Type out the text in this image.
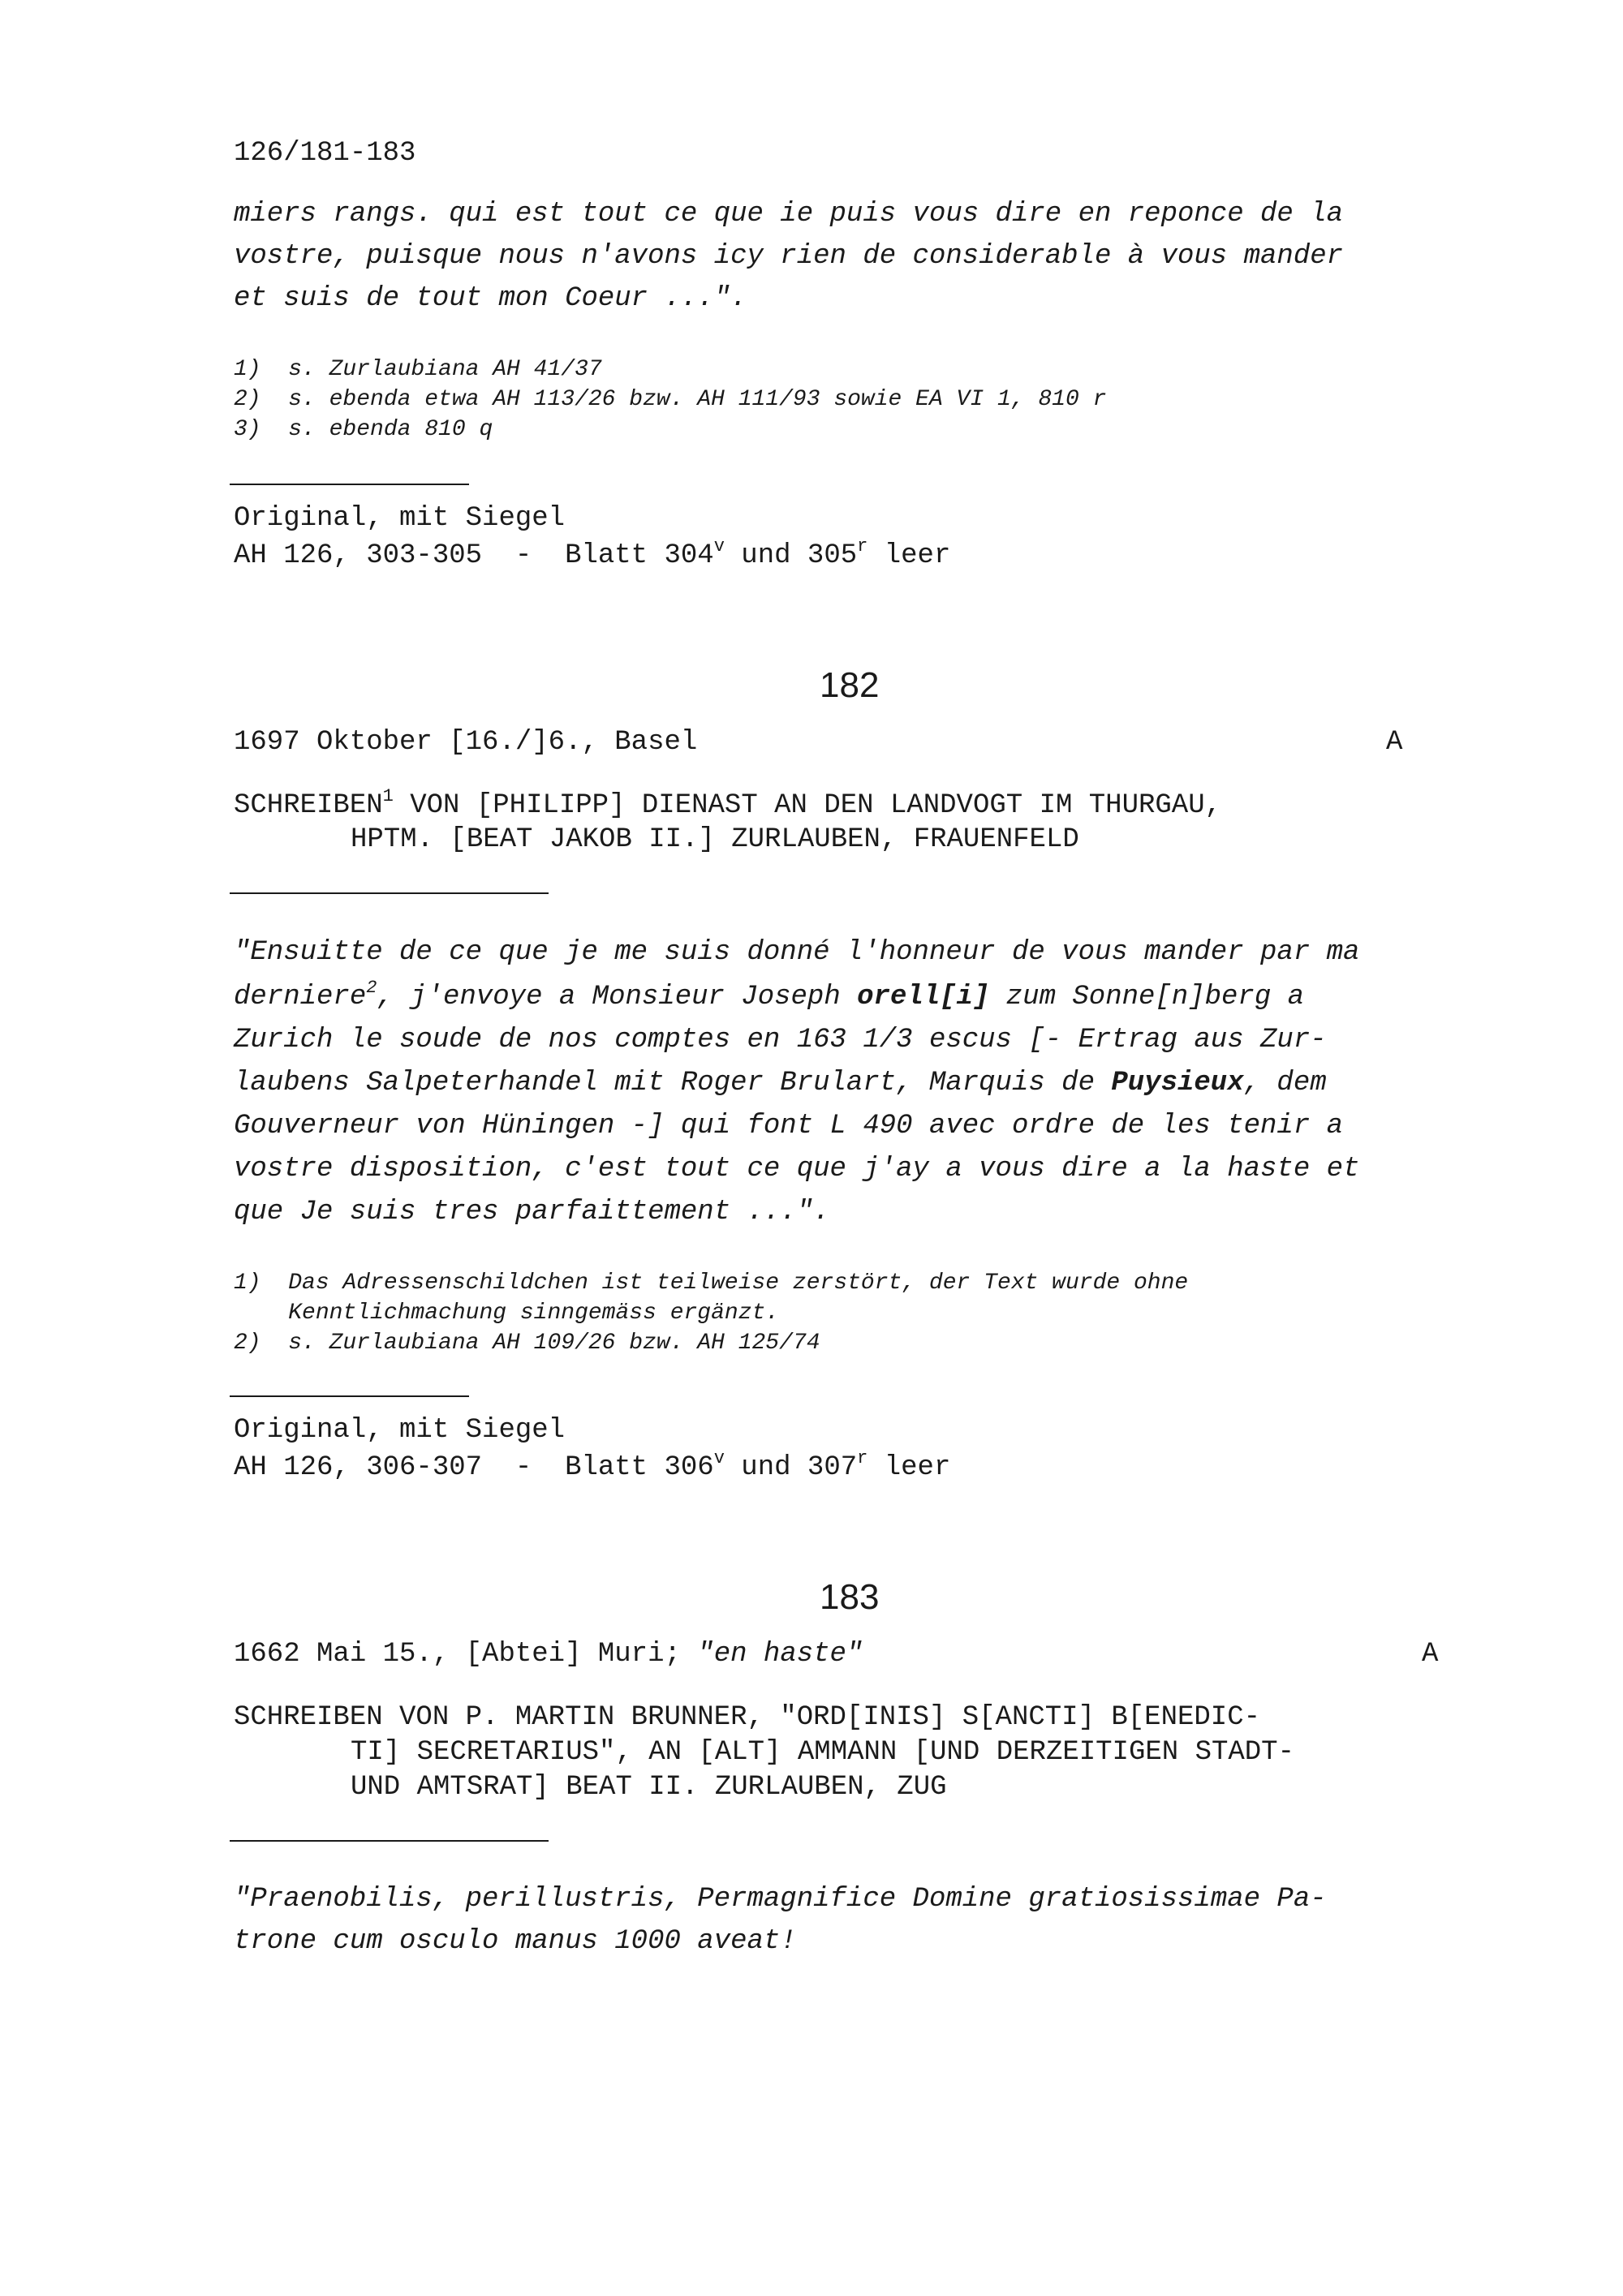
126/181-183
miers rangs. qui est tout ce que ie puis vous dire en reponce de la
vostre, puisque nous n'avons icy rien de considerable à vous mander
et suis de tout mon Coeur ...".
1)  s. Zurlaubiana AH 41/37
2)  s. ebenda etwa AH 113/26 bzw. AH 111/93 sowie EA VI 1, 810 r
3)  s. ebenda 810 q
Original, mit Siegel
AH 126, 303-305  -  Blatt 304$^v$ und 305$^r$ leer
182
1697 Oktober [16./]6., Basel	A
SCHREIBEN$^1$ VON [PHILIPP] DIENAST AN DEN LANDVOGT IM THURGAU,
HPTM. [BEAT JAKOB II.] ZURLAUBEN, FRAUENFELD
"Ensuitte de ce que je me suis donné l'honneur de vous mander par ma
derniere$^2$, j'envoye a Monsieur Joseph orell[i] zum Sonne[n]berg a
Zurich le soude de nos comptes en 163 1/3 escus [- Ertrag aus Zur-
laubens Salpeterhandel mit Roger Brulart, Marquis de Puysieux, dem
Gouverneur von Hüningen -] qui font L 490 avec ordre de les tenir a
vostre disposition, c'est tout ce que j'ay a vous dire a la haste et
que Je suis tres parfaittement ...".
1)  Das Adressenschildchen ist teilweise zerstört, der Text wurde ohne
Kenntlichmachung sinngemäss ergänzt.
2)  s. Zurlaubiana AH 109/26 bzw. AH 125/74
Original, mit Siegel
AH 126, 306-307  -  Blatt 306$^v$ und 307$^r$ leer
183
1662 Mai 15., [Abtei] Muri; "en haste"	A
SCHREIBEN VON P. MARTIN BRUNNER, "ORD[INIS] S[ANCTI] B[ENEDIC-
TI] SECRETARIUS", AN [ALT] AMMANN [UND DERZEITIGEN STADT-
UND AMTSRAT] BEAT II. ZURLAUBEN, ZUG
"Praenobilis, perillustris, Permagnifice Domine gratiosissimae Pa-
trone cum osculo manus 1000 aveat!
